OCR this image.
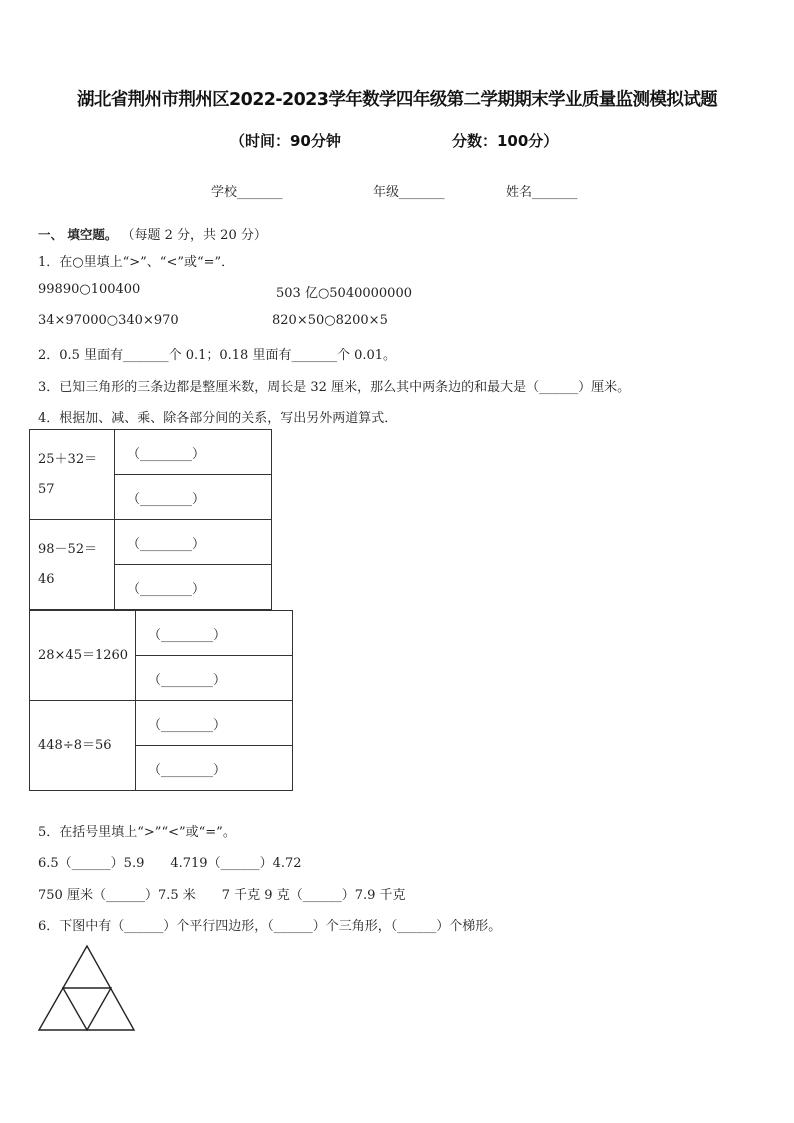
湖北省荆州市荆州区2022-2023学年数学四年级第二学期期末学业质量监测模拟试题
（时间：90分钟	分数：100分）
学校_______	年级_______	姓名_______
一、 填空题。 （每题 2 分，共 20 分）
1．在○里填上“>”、“<”或“=”．
99890○100400	503 亿○5040000000
34×97000○340×970	820×50○8200×5
2．0.5 里面有_______个 0.1；0.18 里面有_______个 0.01。
3．已知三角形的三条边都是整厘米数，周长是 32 厘米，那么其中两条边的和最大是（______）厘米。
4．根据加、减、乘、除各部分间的关系，写出另外两道算式．
25＋32＝
57	（________）
	（________）

98－52＝
46	（________）
	（________）
28×45＝1260	（________）
	（________）
448÷8＝56	（________）
	（________）
5．在括号里填上“>”“<”或“=”。
6.5（______）5.9　　4.719（______）4.72
750 厘米（______）7.5 米　　7 千克 9 克（______）7.9 千克
6．下图中有（______）个平行四边形，（______）个三角形，（______）个梯形。
